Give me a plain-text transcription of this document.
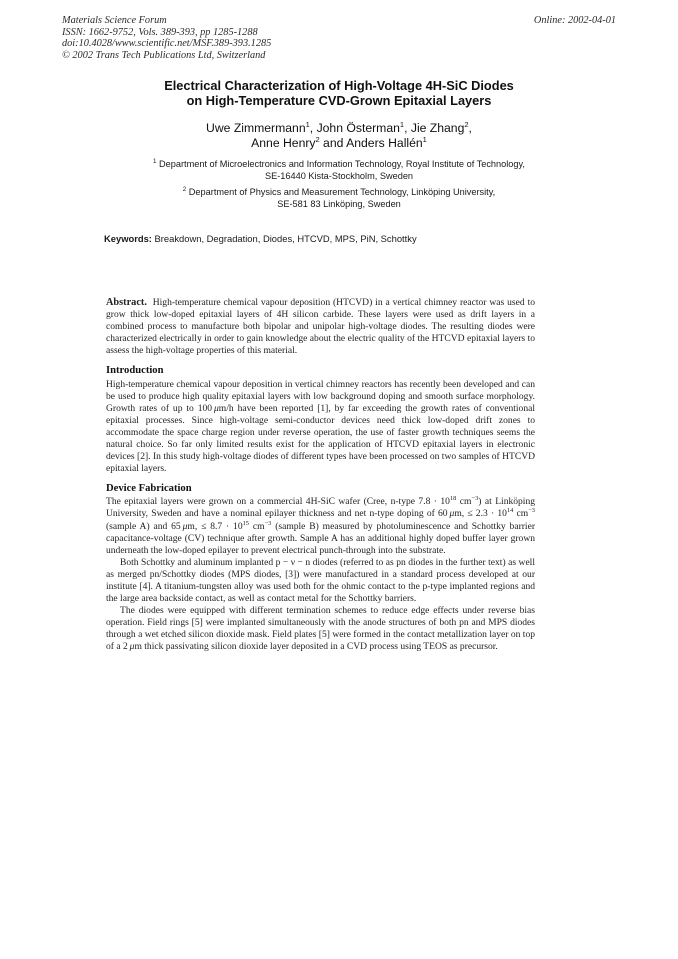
Materials Science Forum
ISSN: 1662-9752, Vols. 389-393, pp 1285-1288
doi:10.4028/www.scientific.net/MSF.389-393.1285
© 2002 Trans Tech Publications Ltd, Switzerland
Online: 2002-04-01
Electrical Characterization of High-Voltage 4H-SiC Diodes
on High-Temperature CVD-Grown Epitaxial Layers
Uwe Zimmermann$^1$, John Österman$^1$, Jie Zhang$^2$,
Anne Henry$^2$ and Anders Hallén$^1$
$^1$ Department of Microelectronics and Information Technology, Royal Institute of Technology,
SE-16440 Kista-Stockholm, Sweden
$^2$ Department of Physics and Measurement Technology, Linköping University,
SE-581 83 Linköping, Sweden
Keywords: Breakdown, Degradation, Diodes, HTCVD, MPS, PiN, Schottky

Abstract. High-temperature chemical vapour deposition (HTCVD) in a vertical chimney reactor was used to grow thick low-doped epitaxial layers of 4H silicon carbide. These layers were used as drift layers in a combined process to manufacture both bipolar and unipolar high-voltage diodes. The resulting diodes were characterized electrically in order to gain knowledge about the electric quality of the HTCVD epitaxial layers to assess the high-voltage properties of this material.

Introduction

High-temperature chemical vapour deposition in vertical chimney reactors has recently been developed and can be used to produce high quality epitaxial layers with low background doping and smooth surface morphology. Growth rates of up to 100  μm/h have been reported [1], by far exceeding the growth rates of conventional epitaxial processes. Since high-voltage semi-conductor devices need thick low-doped drift zones to accommodate the space charge region under reverse operation, the use of faster growth techniques seems the natural choice. So far only limited results exist for the application of HTCVD epitaxial layers in electronic devices [2]. In this study high-voltage diodes of different types have been processed on two samples of HTCVD epitaxial layers.

Device Fabrication

The epitaxial layers were grown on a commercial 4H-SiC wafer (Cree, n-type $7.8 \cdot 10^{18}$ $cm^{-3}$) at Linköping University, Sweden and have a nominal epilayer thickness and net n-type doping of 60  μm, ≤ $2.3 \cdot 10^{14}$ $cm^{-3}$ (sample A) and 65  μm, ≤ $8.7 \cdot 10^{15}$ $cm^{-3}$ (sample B) measured by photoluminescence and Schottky barrier capacitance-voltage (CV) technique after growth. Sample A has an additional highly doped buffer layer grown underneath the low-doped epilayer to prevent electrical punch-through into the substrate.

Both Schottky and aluminum implanted p − ν − n diodes (referred to as pn diodes in the further text) as well as merged pn/Schottky diodes (MPS diodes, [3]) were manufactured in a standard process developed at our institute [4]. A titanium-tungsten alloy was used both for the ohmic contact to the p-type implanted regions and the large area backside contact, as well as contact metal for the Schottky barriers.

The diodes were equipped with different termination schemes to reduce edge effects under reverse bias operation. Field rings [5] were implanted simultaneously with the anode structures of both pn and MPS diodes through a wet etched silicon dioxide mask. Field plates [5] were formed in the contact metallization layer on top of a 2  μm thick passivating silicon dioxide layer deposited in a CVD process using TEOS as precursor.
